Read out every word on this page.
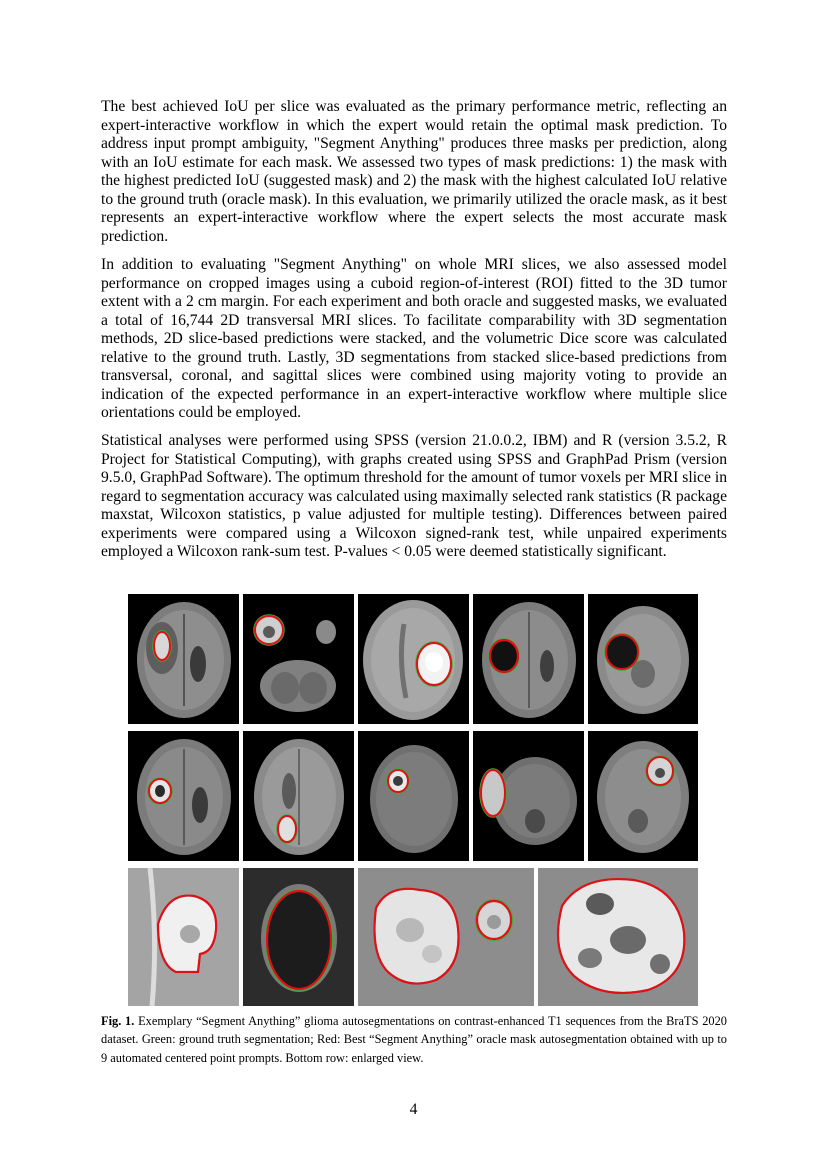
The best achieved IoU per slice was evaluated as the primary performance metric, reflecting an expert-interactive workflow in which the expert would retain the optimal mask prediction. To address input prompt ambiguity, "Segment Anything" produces three masks per prediction, along with an IoU estimate for each mask. We assessed two types of mask predictions: 1) the mask with the highest predicted IoU (suggested mask) and 2) the mask with the highest calculated IoU relative to the ground truth (oracle mask). In this evaluation, we primarily utilized the oracle mask, as it best represents an expert-interactive workflow where the expert selects the most accurate mask prediction.

In addition to evaluating "Segment Anything" on whole MRI slices, we also assessed model performance on cropped images using a cuboid region-of-interest (ROI) fitted to the 3D tumor extent with a 2 cm margin. For each experiment and both oracle and suggested masks, we evaluated a total of 16,744 2D transversal MRI slices. To facilitate comparability with 3D segmentation methods, 2D slice-based predictions were stacked, and the volumetric Dice score was calculated relative to the ground truth. Lastly, 3D segmentations from stacked slice-based predictions from transversal, coronal, and sagittal slices were combined using majority voting to provide an indication of the expected performance in an expert-interactive workflow where multiple slice orientations could be employed.

Statistical analyses were performed using SPSS (version 21.0.0.2, IBM) and R (version 3.5.2, R Project for Statistical Computing), with graphs created using SPSS and GraphPad Prism (version 9.5.0, GraphPad Software). The optimum threshold for the amount of tumor voxels per MRI slice in regard to segmentation accuracy was calculated using maximally selected rank statistics (R package maxstat, Wilcoxon statistics, p value adjusted for multiple testing). Differences between paired experiments were compared using a Wilcoxon signed-rank test, while unpaired experiments employed a Wilcoxon rank-sum test. P-values < 0.05 were deemed statistically significant.

Fig. 1. Exemplary “Segment Anything” glioma autosegmentations on contrast-enhanced T1 sequences from the BraTS 2020 dataset. Green: ground truth segmentation; Red: Best “Segment Anything” oracle mask autosegmentation obtained with up to 9 automated centered point prompts. Bottom row: enlarged view.

4
